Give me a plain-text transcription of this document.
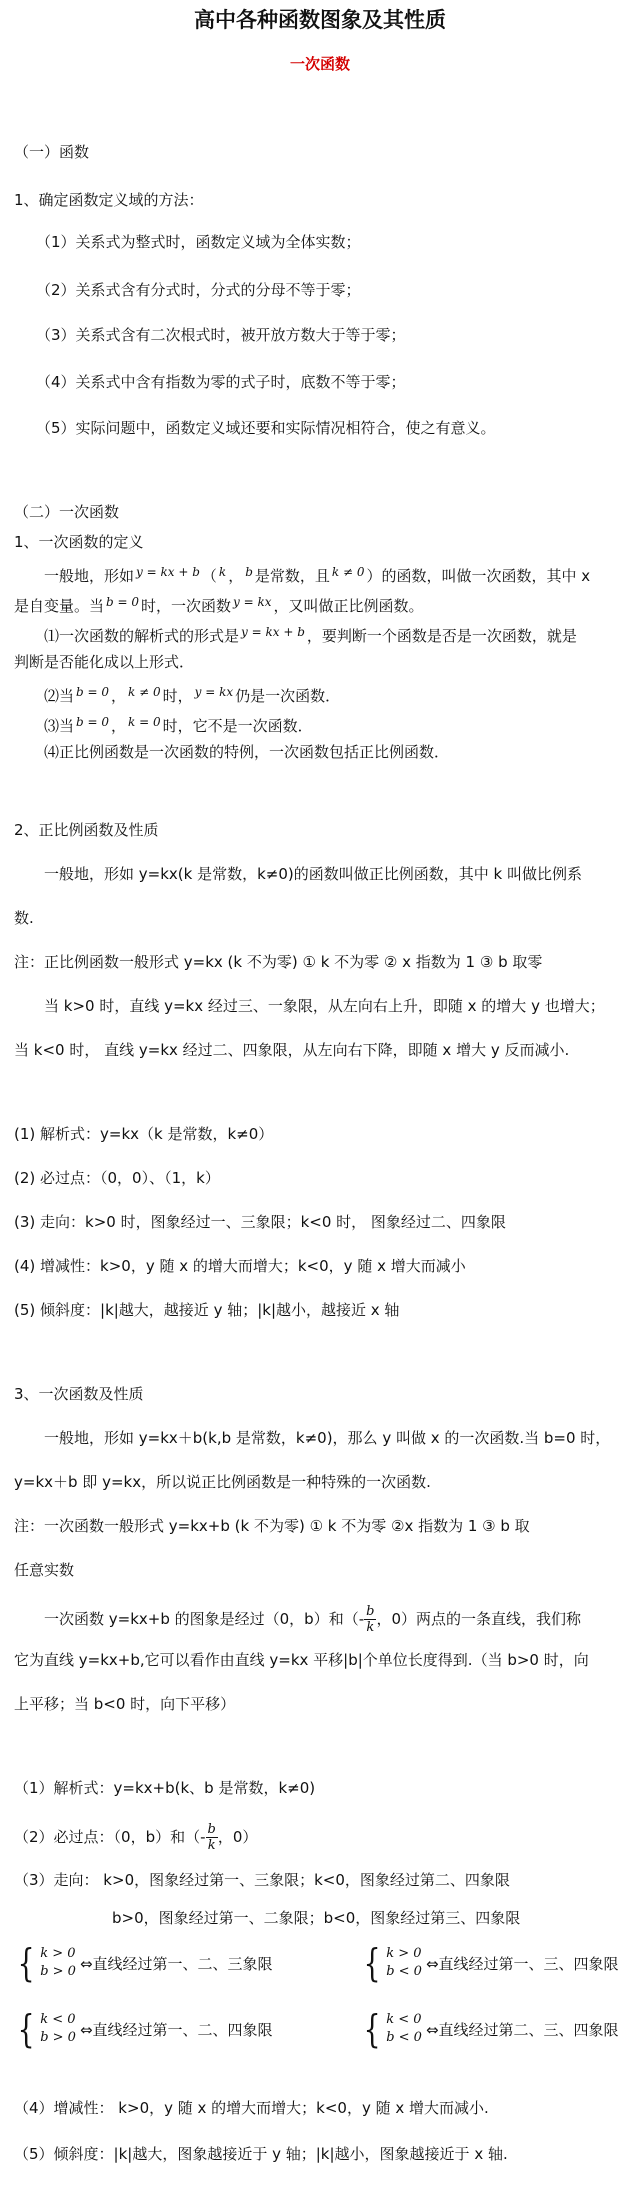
高中各种函数图象及其性质
一次函数
（一）函数
1、确定函数定义域的方法：
（1）关系式为整式时，函数定义域为全体实数；
（2）关系式含有分式时，分式的分母不等于零；
（3）关系式含有二次根式时，被开放方数大于等于零；
（4）关系式中含有指数为零的式子时，底数不等于零；
（5）实际问题中，函数定义域还要和实际情况相符合，使之有意义。
（二）一次函数
1、一次函数的定义
一般地，形如 $^{y = kx + b}$ （ $^k$ ， $^b$ 是常数，且 $^{k \ne 0}$ ）的函数，叫做一次函数，其中 x
是自变量。当 $^{b = 0}$ 时，一次函数 $^{y = kx}$ ，又叫做正比例函数。
⑴一次函数的解析式的形式是 $^{y = kx + b}$ ，要判断一个函数是否是一次函数，就是
判断是否能化成以上形式．
⑵当 $^{b = 0}$ ， $^{k \ne 0}$ 时， $^{y = kx}$ 仍是一次函数．
⑶当 $^{b = 0}$ ， $^{k = 0}$ 时，它不是一次函数．
⑷正比例函数是一次函数的特例，一次函数包括正比例函数．
2、正比例函数及性质
一般地，形如 y=kx(k 是常数，k≠0)的函数叫做正比例函数，其中 k 叫做比例系
数.
注：正比例函数一般形式 y=kx (k 不为零) ① k 不为零 ② x 指数为 1 ③ b 取零
当 k>0 时，直线 y=kx 经过三、一象限，从左向右上升，即随 x 的增大 y 也增大；
当 k<0 时， 直线 y=kx 经过二、四象限，从左向右下降，即随 x 增大 y 反而减小.
(1) 解析式：y=kx（k 是常数，k≠0）
(2) 必过点：（0，0）、（1，k）
(3) 走向：k>0 时，图象经过一、三象限；k<0 时， 图象经过二、四象限
(4) 增减性：k>0，y 随 x 的增大而增大；k<0，y 随 x 增大而减小
(5) 倾斜度：|k|越大，越接近 y 轴；|k|越小，越接近 x 轴
3、一次函数及性质
一般地，形如 y=kx＋b(k,b 是常数，k≠0)，那么 y 叫做 x 的一次函数.当 b=0 时，
y=kx＋b 即 y=kx，所以说正比例函数是一种特殊的一次函数.
注：一次函数一般形式 y=kx+b (k 不为零) ① k 不为零 ②x 指数为 1 ③ b 取
任意实数
一次函数 y=kx+b 的图象是经过（0，b）和（- $\frac{b}{k}$ ，0）两点的一条直线，我们称
它为直线 y=kx+b,它可以看作由直线 y=kx 平移|b|个单位长度得到.（当 b>0 时，向
上平移；当 b<0 时，向下平移）
（1）解析式：y=kx+b(k、b 是常数，k≠0)
（2）必过点：（0，b）和（- $\frac{b}{k}$ ，0）
（3）走向： k>0，图象经过第一、三象限；k<0，图象经过第二、四象限
b>0，图象经过第一、二象限；b<0，图象经过第三、四象限
{ k > 0
b > 0 ⇔直线经过第一、二、三象限 { k > 0
b < 0 ⇔直线经过第一、三、四象限
{ k < 0
b > 0 ⇔直线经过第一、二、四象限 { k < 0
b < 0 ⇔直线经过第二、三、四象限
（4）增减性： k>0，y 随 x 的增大而增大；k<0，y 随 x 增大而减小.
（5）倾斜度：|k|越大，图象越接近于 y 轴；|k|越小，图象越接近于 x 轴.
